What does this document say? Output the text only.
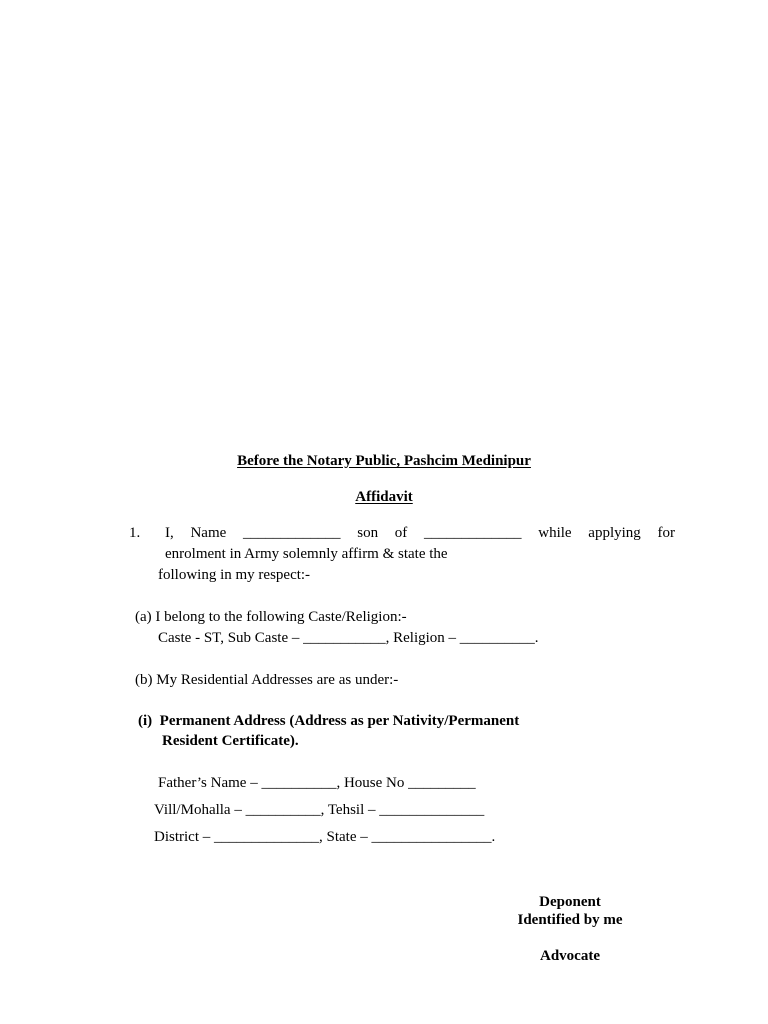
Before the Notary Public, Pashcim Medinipur
Affidavit
1. I, Name _____________ son of _____________ while applying for
enrolment in Army solemnly affirm & state the
following in my respect:-
(a) I belong to the following Caste/Religion:-
Caste - ST, Sub Caste – ___________, Religion – __________.
(b) My Residential Addresses are as under:-
(i)  Permanent Address (Address as per Nativity/Permanent
Resident Certificate).
Father’s Name – __________, House No _________
Vill/Mohalla – __________, Tehsil – ______________
District – ______________, State – ________________.
Deponent
Identified by me
Advocate
